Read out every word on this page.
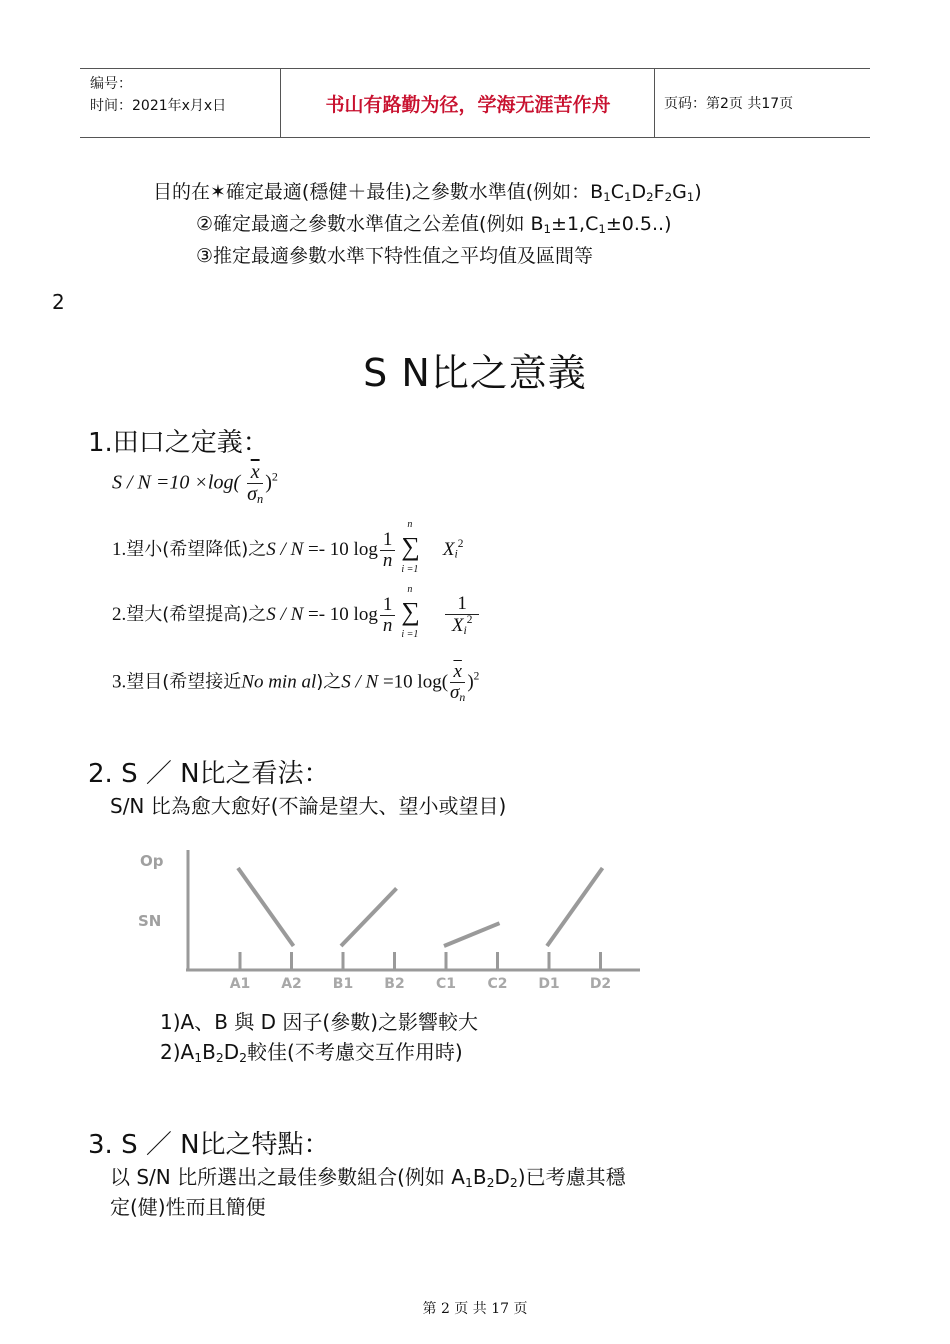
编号：
时间：2021年x月x日	书山有路勤为径，学海无涯苦作舟	页码：第2页 共17页
目的在✶確定最適(穩健＋最佳)之參數水準值(例如：$B_1C_1D_2F_2G_1$)
②確定最適之參數水準值之公差值(例如 $B_1\pm 1,C_1\pm 0.5$..)
③推定最適參數水準下特性值之平均值及區間等
2
S N比之意義
1.田口之定義：
$S / N =10 \times\log( \frac{\overline{x}}{\sigma_n} )^2$
1.望小(希望降低)之S / N =- 10 $\log \frac{1}{n}$ ∑
n
i =1
$X_i^2$
2.望大(希望提高)之S / N =- 10 $\log \frac{1}{n}$ ∑
n
i =1
$\frac{1}{X_i^2}$
3.望目(希望接近No min al)之S / N =10 $\log( \frac{\overline{x}}{\sigma_n} )^2$
2. S ／ N比之看法：
S/N 比為愈大愈好(不論是望大、望小或望目)
Op
SN
A1 A2 B1 B2 C1 C2 D1 D2
1)A、B 與 D 因子(參數)之影響較大
$2)A_1B_2D_2$較佳(不考慮交互作用時)
3. S ／ N比之特點：
以 S/N 比所選出之最佳參數組合(例如 $A_1B_2D_2$)已考慮其穩
定(健)性而且簡便
第 2 页 共 17 页
